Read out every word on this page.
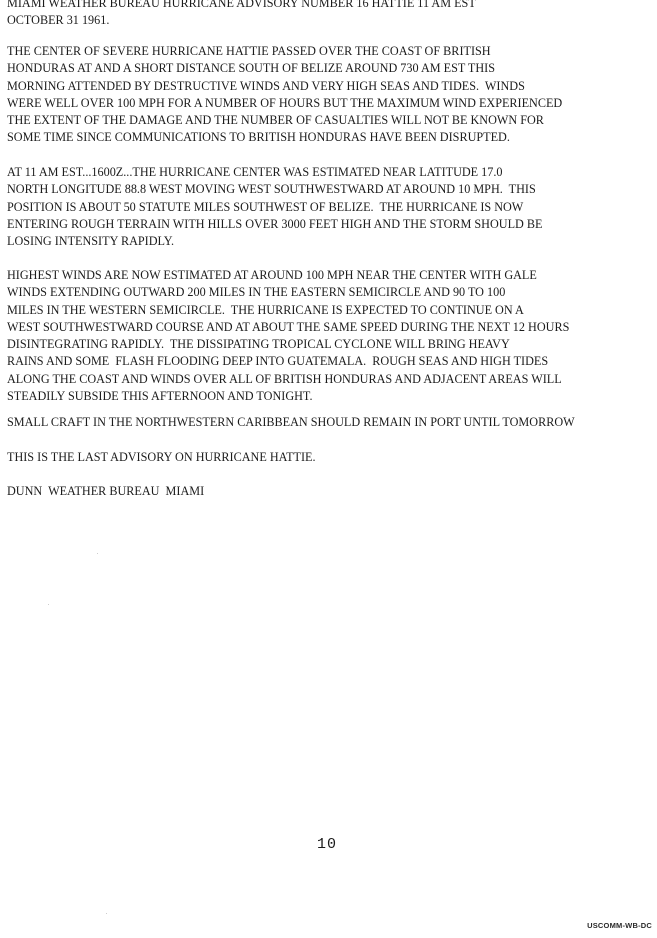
MIAMI WEATHER BUREAU HURRICANE ADVISORY NUMBER 16 HATTIE 11 AM EST
OCTOBER 31 1961.

THE CENTER OF SEVERE HURRICANE HATTIE PASSED OVER THE COAST OF BRITISH
HONDURAS AT AND A SHORT DISTANCE SOUTH OF BELIZE AROUND 730 AM EST THIS
MORNING ATTENDED BY DESTRUCTIVE WINDS AND VERY HIGH SEAS AND TIDES.  WINDS
WERE WELL OVER 100 MPH FOR A NUMBER OF HOURS BUT THE MAXIMUM WIND EXPERIENCED
THE EXTENT OF THE DAMAGE AND THE NUMBER OF CASUALTIES WILL NOT BE KNOWN FOR
SOME TIME SINCE COMMUNICATIONS TO BRITISH HONDURAS HAVE BEEN DISRUPTED.

AT 11 AM EST...1600Z...THE HURRICANE CENTER WAS ESTIMATED NEAR LATITUDE 17.0
NORTH LONGITUDE 88.8 WEST MOVING WEST SOUTHWESTWARD AT AROUND 10 MPH.  THIS
POSITION IS ABOUT 50 STATUTE MILES SOUTHWEST OF BELIZE.  THE HURRICANE IS NOW
ENTERING ROUGH TERRAIN WITH HILLS OVER 3000 FEET HIGH AND THE STORM SHOULD BE
LOSING INTENSITY RAPIDLY.

HIGHEST WINDS ARE NOW ESTIMATED AT AROUND 100 MPH NEAR THE CENTER WITH GALE
WINDS EXTENDING OUTWARD 200 MILES IN THE EASTERN SEMICIRCLE AND 90 TO 100
MILES IN THE WESTERN SEMICIRCLE.  THE HURRICANE IS EXPECTED TO CONTINUE ON A
WEST SOUTHWESTWARD COURSE AND AT ABOUT THE SAME SPEED DURING THE NEXT 12 HOURS
DISINTEGRATING RAPIDLY.  THE DISSIPATING TROPICAL CYCLONE WILL BRING HEAVY
RAINS AND SOME  FLASH FLOODING DEEP INTO GUATEMALA.  ROUGH SEAS AND HIGH TIDES
ALONG THE COAST AND WINDS OVER ALL OF BRITISH HONDURAS AND ADJACENT AREAS WILL
STEADILY SUBSIDE THIS AFTERNOON AND TONIGHT.

SMALL CRAFT IN THE NORTHWESTERN CARIBBEAN SHOULD REMAIN IN PORT UNTIL TOMORROW

THIS IS THE LAST ADVISORY ON HURRICANE HATTIE.

DUNN  WEATHER BUREAU  MIAMI

10
USCOMM-WB-DC
